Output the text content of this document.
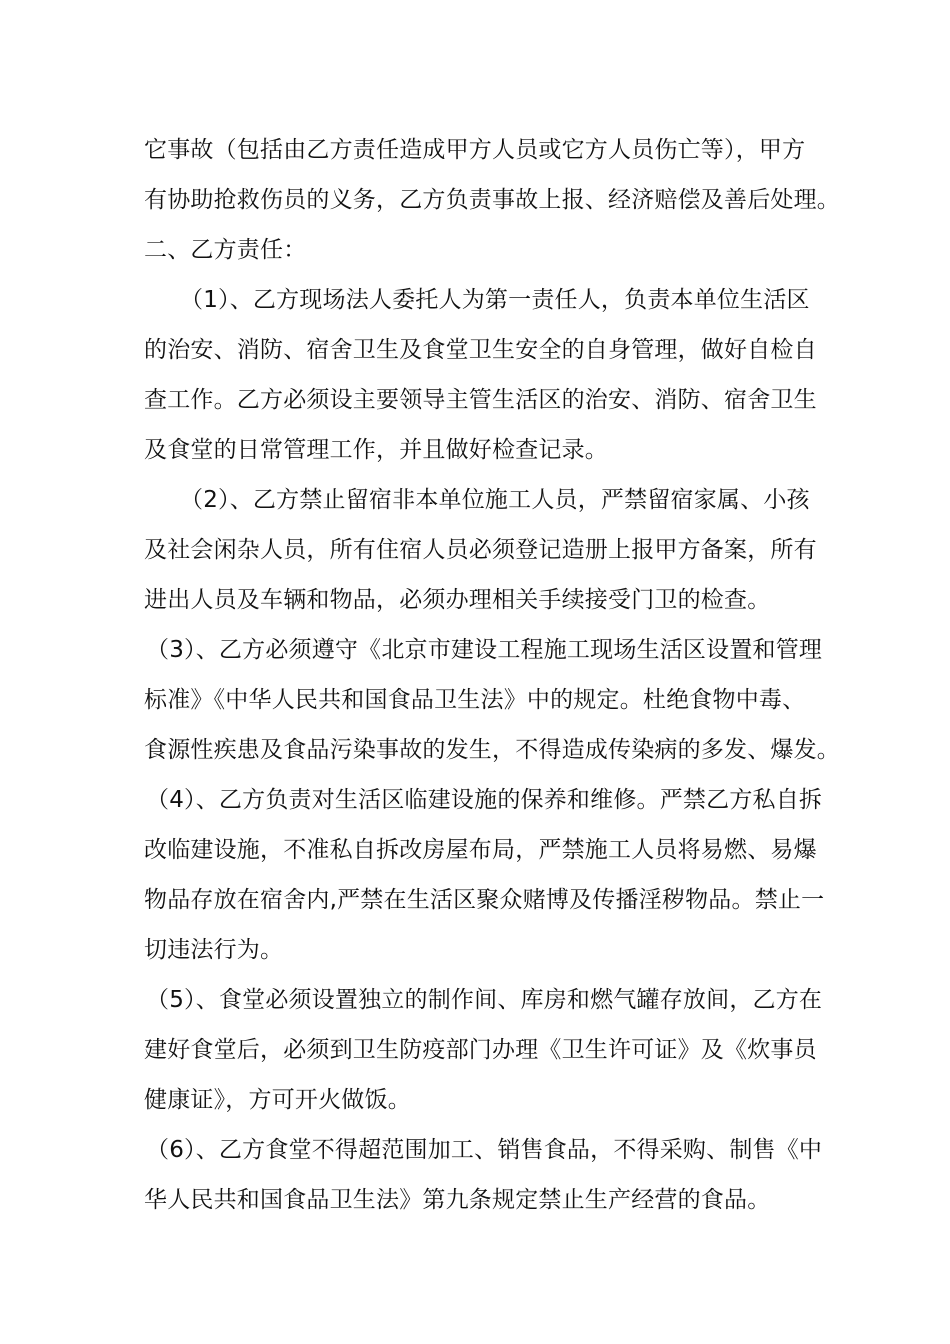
它事故（包括由乙方责任造成甲方人员或它方人员伤亡等），甲方
有协助抢救伤员的义务，乙方负责事故上报、经济赔偿及善后处理。
二、乙方责任：
（1）、乙方现场法人委托人为第一责任人，负责本单位生活区
的治安、消防、宿舍卫生及食堂卫生安全的自身管理，做好自检自
查工作。乙方必须设主要领导主管生活区的治安、消防、宿舍卫生
及食堂的日常管理工作，并且做好检查记录。
（2）、乙方禁止留宿非本单位施工人员，严禁留宿家属、小孩
及社会闲杂人员，所有住宿人员必须登记造册上报甲方备案，所有
进出人员及车辆和物品，必须办理相关手续接受门卫的检查。
（3）、乙方必须遵守《北京市建设工程施工现场生活区设置和管理
标准》《中华人民共和国食品卫生法》中的规定。杜绝食物中毒、
食源性疾患及食品污染事故的发生，不得造成传染病的多发、爆发。
（4）、乙方负责对生活区临建设施的保养和维修。严禁乙方私自拆
改临建设施，不准私自拆改房屋布局，严禁施工人员将易燃、易爆
物品存放在宿舍内,严禁在生活区聚众赌博及传播淫秽物品。禁止一
切违法行为。
（5）、食堂必须设置独立的制作间、库房和燃气罐存放间，乙方在
建好食堂后，必须到卫生防疫部门办理《卫生许可证》及《炊事员
健康证》，方可开火做饭。
（6）、乙方食堂不得超范围加工、销售食品，不得采购、制售《中
华人民共和国食品卫生法》第九条规定禁止生产经营的食品。
